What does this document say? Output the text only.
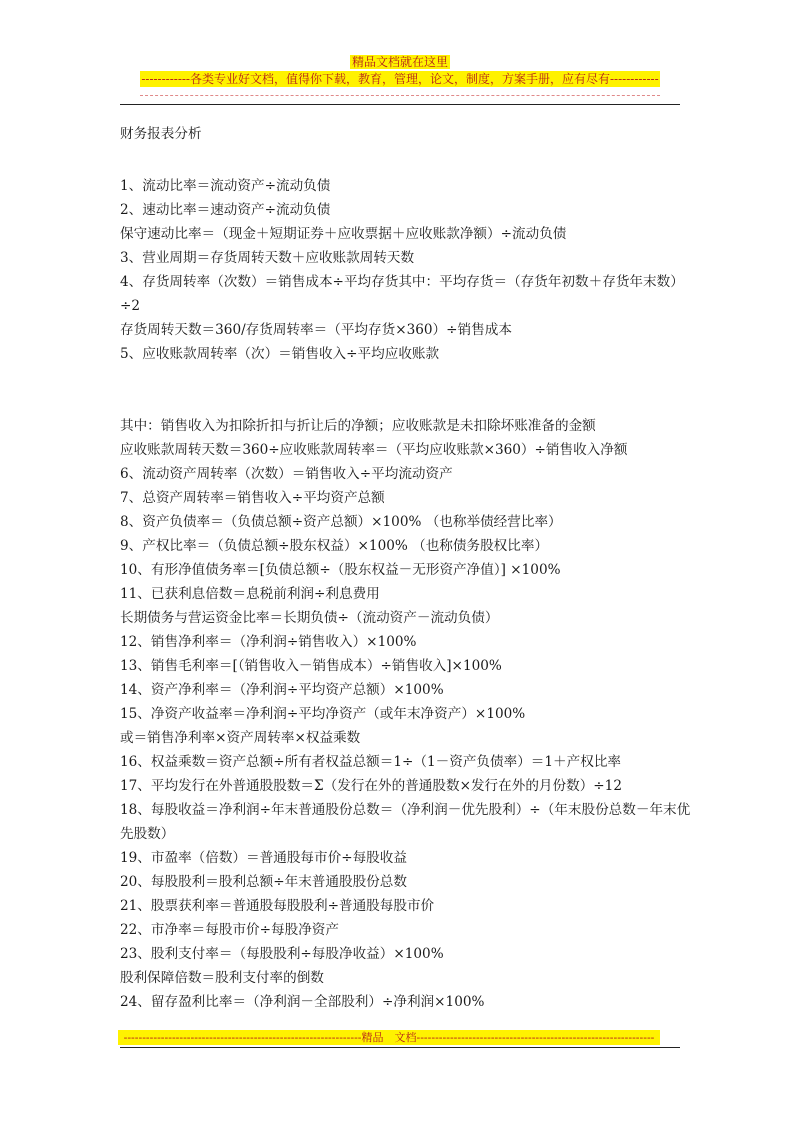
精品文档就在这里
------------各类专业好文档，值得你下载，教育，管理，论文，制度，方案手册，应有尽有------------
财务报表分析
1、流动比率＝流动资产÷流动负债
2、速动比率＝速动资产÷流动负债
保守速动比率＝（现金＋短期证券＋应收票据＋应收账款净额）÷流动负债
3、营业周期＝存货周转天数＋应收账款周转天数
4、存货周转率（次数）＝销售成本÷平均存货其中：平均存货＝（存货年初数＋存货年末数）÷2
存货周转天数＝360/存货周转率＝（平均存货×360）÷销售成本
5、应收账款周转率（次）＝销售收入÷平均应收账款
其中：销售收入为扣除折扣与折让后的净额；应收账款是未扣除坏账准备的金额
应收账款周转天数＝360÷应收账款周转率＝（平均应收账款×360）÷销售收入净额
6、流动资产周转率（次数）＝销售收入÷平均流动资产
7、总资产周转率＝销售收入÷平均资产总额
8、资产负债率＝（负债总额÷资产总额）×100% （也称举债经营比率）
9、产权比率＝（负债总额÷股东权益）×100% （也称债务股权比率）
10、有形净值债务率＝[负债总额÷（股东权益－无形资产净值）] ×100%
11、已获利息倍数＝息税前利润÷利息费用
长期债务与营运资金比率＝长期负债÷（流动资产－流动负债）
12、销售净利率＝（净利润÷销售收入）×100%
13、销售毛利率＝[（销售收入－销售成本）÷销售收入]×100%
14、资产净利率＝（净利润÷平均资产总额）×100%
15、净资产收益率＝净利润÷平均净资产（或年末净资产）×100%
或＝销售净利率×资产周转率×权益乘数
16、权益乘数＝资产总额÷所有者权益总额＝1÷（1－资产负债率）＝1＋产权比率
17、平均发行在外普通股股数＝Σ（发行在外的普通股数×发行在外的月份数）÷12
18、每股收益＝净利润÷年末普通股份总数＝（净利润－优先股利）÷（年末股份总数－年末优先股数）
19、市盈率（倍数）＝普通股每市价÷每股收益
20、每股股利＝股利总额÷年末普通股股份总数
21、股票获利率＝普通股每股股利÷普通股每股市价
22、市净率＝每股市价÷每股净资产
23、股利支付率＝（每股股利÷每股净收益）×100%
股利保障倍数＝股利支付率的倒数
24、留存盈利比率＝（净利润－全部股利）÷净利润×100%
----------------------------------------------------------------精品　文档----------------------------------------------------------------
